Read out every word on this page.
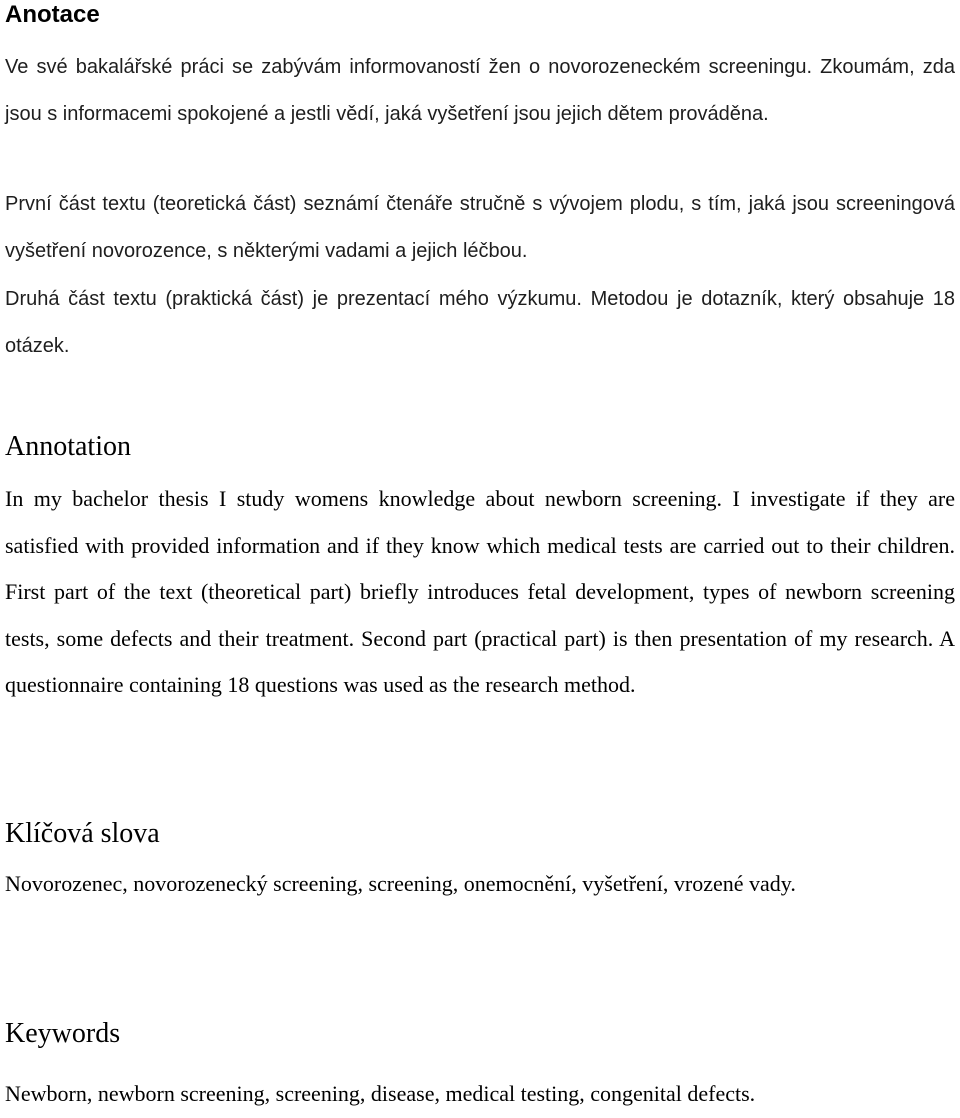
Anotace

Ve své bakalářské práci se zabývám informovaností žen o novorozeneckém screeningu. Zkoumám, zda jsou s informacemi spokojené a jestli vědí, jaká vyšetření jsou jejich dětem prováděna.

První část textu (teoretická část) seznámí čtenáře stručně s vývojem plodu, s tím, jaká jsou screeningová vyšetření novorozence, s některými vadami a jejich léčbou.

Druhá část textu (praktická část) je prezentací mého výzkumu. Metodou je dotazník, který obsahuje 18 otázek.

Annotation

In my bachelor thesis I study womens knowledge about newborn screening. I investigate if they are satisfied with provided information and if they know which medical tests are carried out to their children. First part of the text (theoretical part) briefly introduces fetal development, types of newborn screening tests, some defects and their treatment. Second part (practical part) is then presentation of my research. A questionnaire containing 18 questions was used as the research method.

Klíčová slova

Novorozenec, novorozenecký screening, screening, onemocnění, vyšetření, vrozené vady.

Keywords

Newborn, newborn screening, screening, disease, medical testing, congenital defects.
